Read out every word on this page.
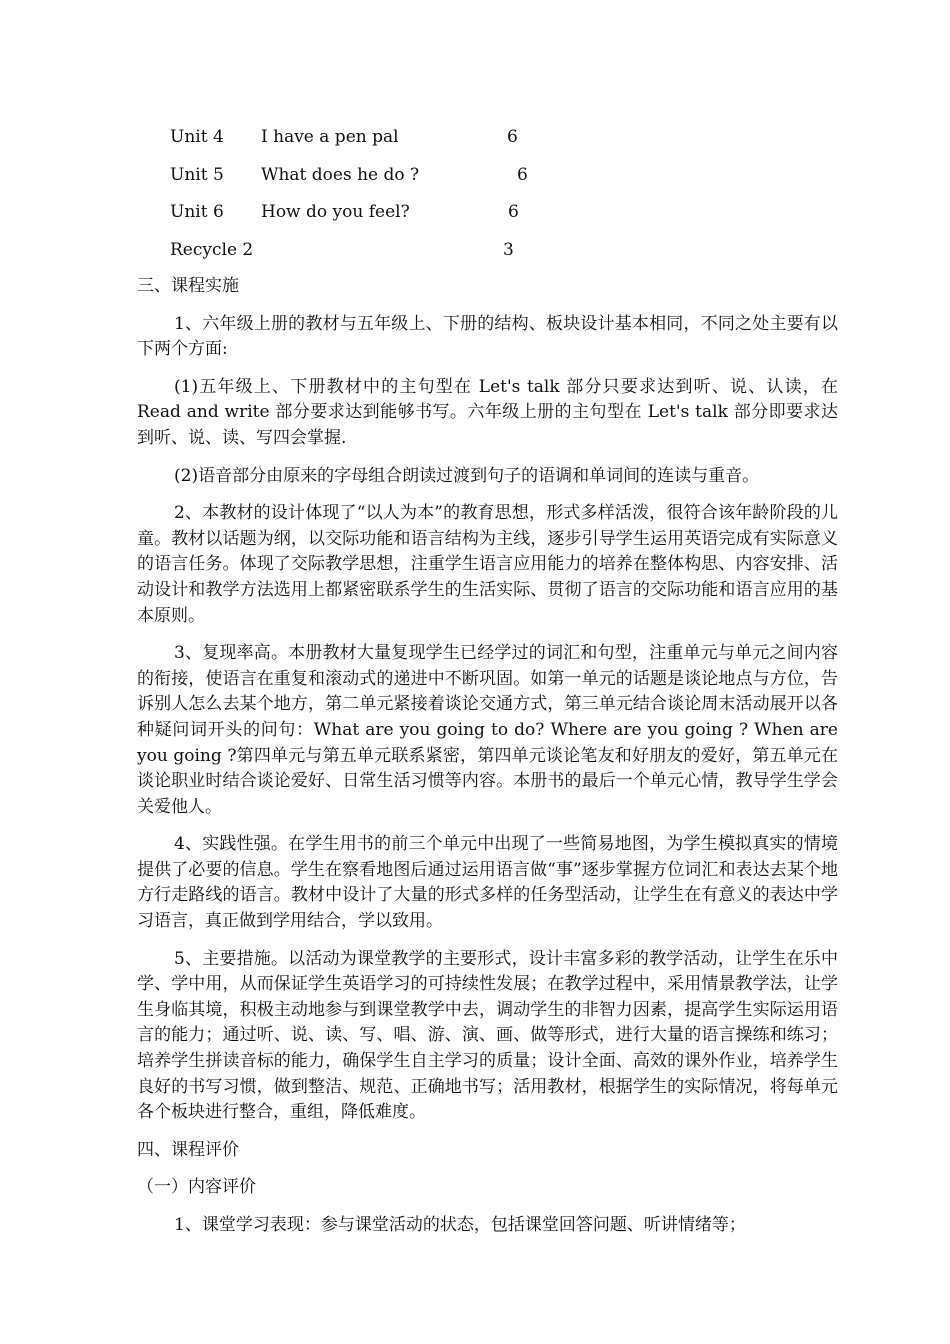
Unit 4 I have a pen pal	6
Unit 5 What does he do ?	6
Unit 6 How do you feel?	6
Recycle 2	3

三、课程实施

1、六年级上册的教材与五年级上、下册的结构、板块设计基本相同，不同之处主要有以下两个方面:

(1)五年级上、下册教材中的主句型在 Let's talk 部分只要求达到听、说、认读，在 Read and write 部分要求达到能够书写。六年级上册的主句型在 Let's talk 部分即要求达到听、说、读、写四会掌握.

(2)语音部分由原来的字母组合朗读过渡到句子的语调和单词间的连读与重音。

2、本教材的设计体现了“以人为本”的教育思想，形式多样活泼，很符合该年龄阶段的儿童。教材以话题为纲，以交际功能和语言结构为主线，逐步引导学生运用英语完成有实际意义的语言任务。体现了交际教学思想，注重学生语言应用能力的培养在整体构思、内容安排、活动设计和教学方法选用上都紧密联系学生的生活实际、贯彻了语言的交际功能和语言应用的基本原则。

3、复现率高。本册教材大量复现学生已经学过的词汇和句型，注重单元与单元之间内容的衔接，使语言在重复和滚动式的递进中不断巩固。如第一单元的话题是谈论地点与方位，告诉别人怎么去某个地方，第二单元紧接着谈论交通方式，第三单元结合谈论周末活动展开以各种疑问词开头的问句：What are you going to do? Where are you going ? When are you going ?第四单元与第五单元联系紧密，第四单元谈论笔友和好朋友的爱好，第五单元在谈论职业时结合谈论爱好、日常生活习惯等内容。本册书的最后一个单元心情，教导学生学会关爱他人。

4、实践性强。在学生用书的前三个单元中出现了一些简易地图，为学生模拟真实的情境提供了必要的信息。学生在察看地图后通过运用语言做“事”逐步掌握方位词汇和表达去某个地方行走路线的语言。教材中设计了大量的形式多样的任务型活动，让学生在有意义的表达中学习语言，真正做到学用结合，学以致用。

5、主要措施。以活动为课堂教学的主要形式，设计丰富多彩的教学活动，让学生在乐中学、学中用，从而保证学生英语学习的可持续性发展；在教学过程中，采用情景教学法，让学生身临其境，积极主动地参与到课堂教学中去，调动学生的非智力因素，提高学生实际运用语言的能力；通过听、说、读、写、唱、游、演、画、做等形式，进行大量的语言操练和练习；培养学生拼读音标的能力，确保学生自主学习的质量；设计全面、高效的课外作业，培养学生良好的书写习惯，做到整洁、规范、正确地书写；活用教材，根据学生的实际情况，将每单元各个板块进行整合，重组，降低难度。

四、课程评价

（一）内容评价

1、课堂学习表现：参与课堂活动的状态，包括课堂回答问题、听讲情绪等；
